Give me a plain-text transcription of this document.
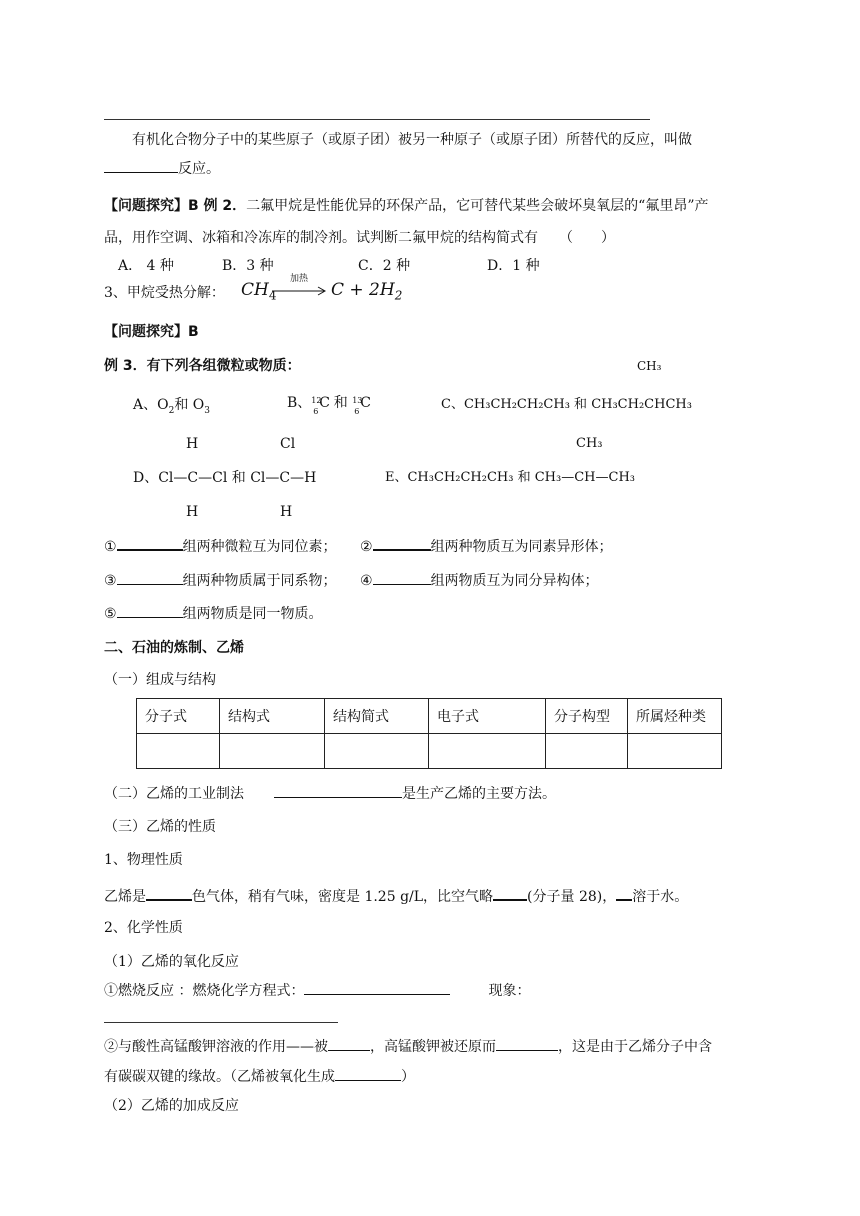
有机化合物分子中的某些原子（或原子团）被另一种原子（或原子团）所替代的反应，叫做
反应。
【问题探究】B 例 2．二氟甲烷是性能优异的环保产品，它可替代某些会破坏臭氧层的“氟里昂”产
品，用作空调、冰箱和冷冻库的制冷剂。试判断二氟甲烷的结构简式有　　（　　）
A． 4 种	B．3 种	C．2 种	D．1 种
3、甲烷受热分解： $CH_4$
加热
$C + 2H_2$
【问题探究】B
例 3．有下列各组微粒或物质：	CH₃
A、$O_2$和 $O_3$	B、 12
6
C 和 13
6
C	C、CH₃CH₂CH₂CH₃ 和 CH₃CH₂CHCH₃
H	Cl	CH₃
D、Cl—C—Cl 和 Cl—C—H	E、CH₃CH₂CH₂CH₃ 和 CH₃—CH—CH₃
H	H
①	组两种微粒互为同位素； ②	组两种物质互为同素异形体；
③	组两种物质属于同系物； ④	组两物质互为同分异构体；
⑤	组两物质是同一物质。
二、石油的炼制、乙烯
（一）组成与结构
分子式	结构式	结构简式	电子式	分子构型	所属烃种类

（二）乙烯的工业制法	是生产乙烯的主要方法。
（三）乙烯的性质
1、物理性质
乙烯是	色气体，稍有气味，密度是 1.25 g/L，比空气略 (分子量 28)， 溶于水。
2、化学性质
（1）乙烯的氧化反应
①燃烧反应 ：燃烧化学方程式：	现象：
②与酸性高锰酸钾溶液的作用——被	，高锰酸钾被还原而	，这是由于乙烯分子中含
有碳碳双键的缘故。（乙烯被氧化生成	）
（2）乙烯的加成反应
